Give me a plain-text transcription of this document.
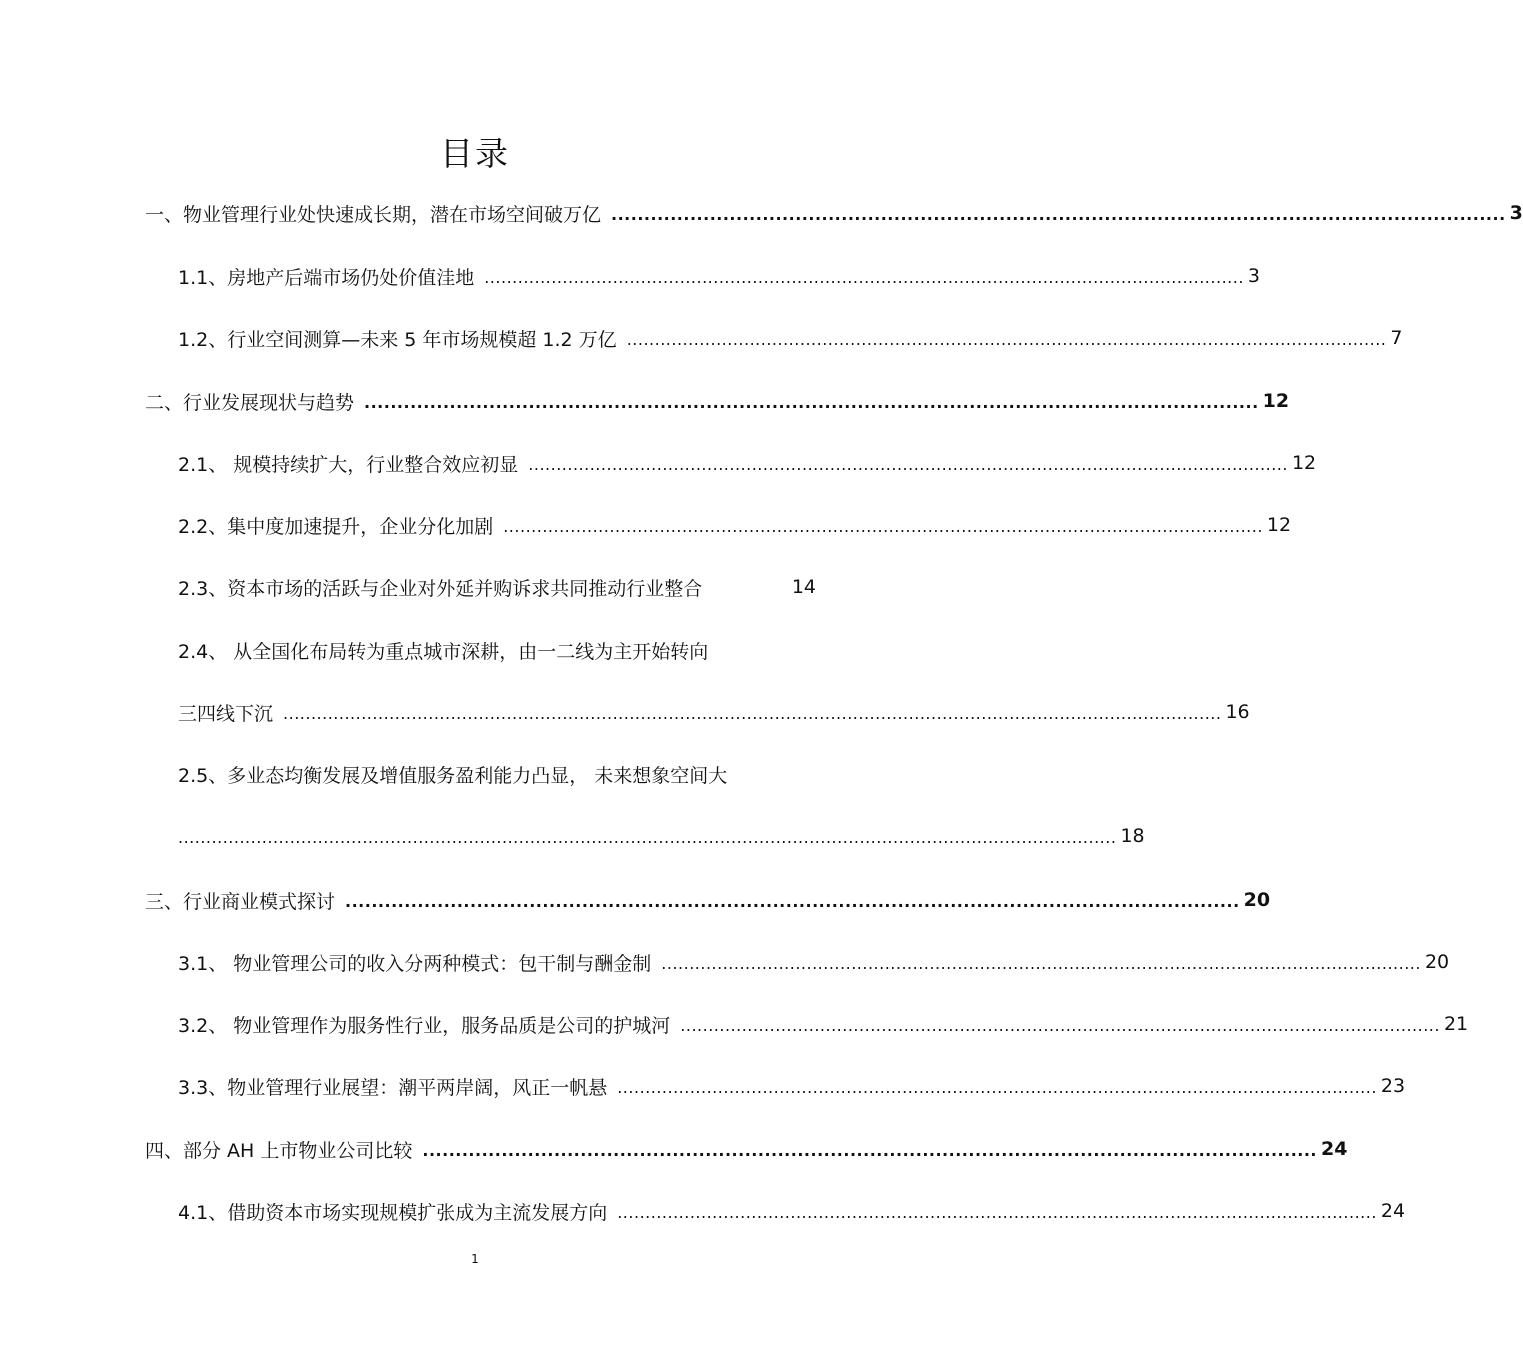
目录
一、物业管理行业处快速成长期，潜在市场空间破万亿 ........................................................................................................................................ 3
1.1、房地产后端市场仍处价值洼地 ........................................................................................................................................ 3
1.2、行业空间测算—未来 5 年市场规模超 1.2 万亿 ........................................................................................................................................ 7
二、行业发展现状与趋势 ........................................................................................................................................ 12
2.1、 规模持续扩大，行业整合效应初显 ........................................................................................................................................ 12
2.2、集中度加速提升，企业分化加剧 ........................................................................................................................................ 12
2.3、资本市场的活跃与企业对外延并购诉求共同推动行业整合	14
2.4、 从全国化布局转为重点城市深耕，由一二线为主开始转向
三四线下沉 ........................................................................................................................................................................ 16
2.5、多业态均衡发展及增值服务盈利能力凸显， 未来想象空间大
........................................................................................................................................................................ 18
三、行业商业模式探讨 ........................................................................................................................................ 20
3.1、 物业管理公司的收入分两种模式：包干制与酬金制 ........................................................................................................................................ 20
3.2、 物业管理作为服务性行业，服务品质是公司的护城河 ........................................................................................................................................ 21
3.3、物业管理行业展望：潮平两岸阔，风正一帆悬 ........................................................................................................................................ 23
四、部分 AH 上市物业公司比较 ........................................................................................................................................ 24
4.1、借助资本市场实现规模扩张成为主流发展方向 ........................................................................................................................................ 24
1
